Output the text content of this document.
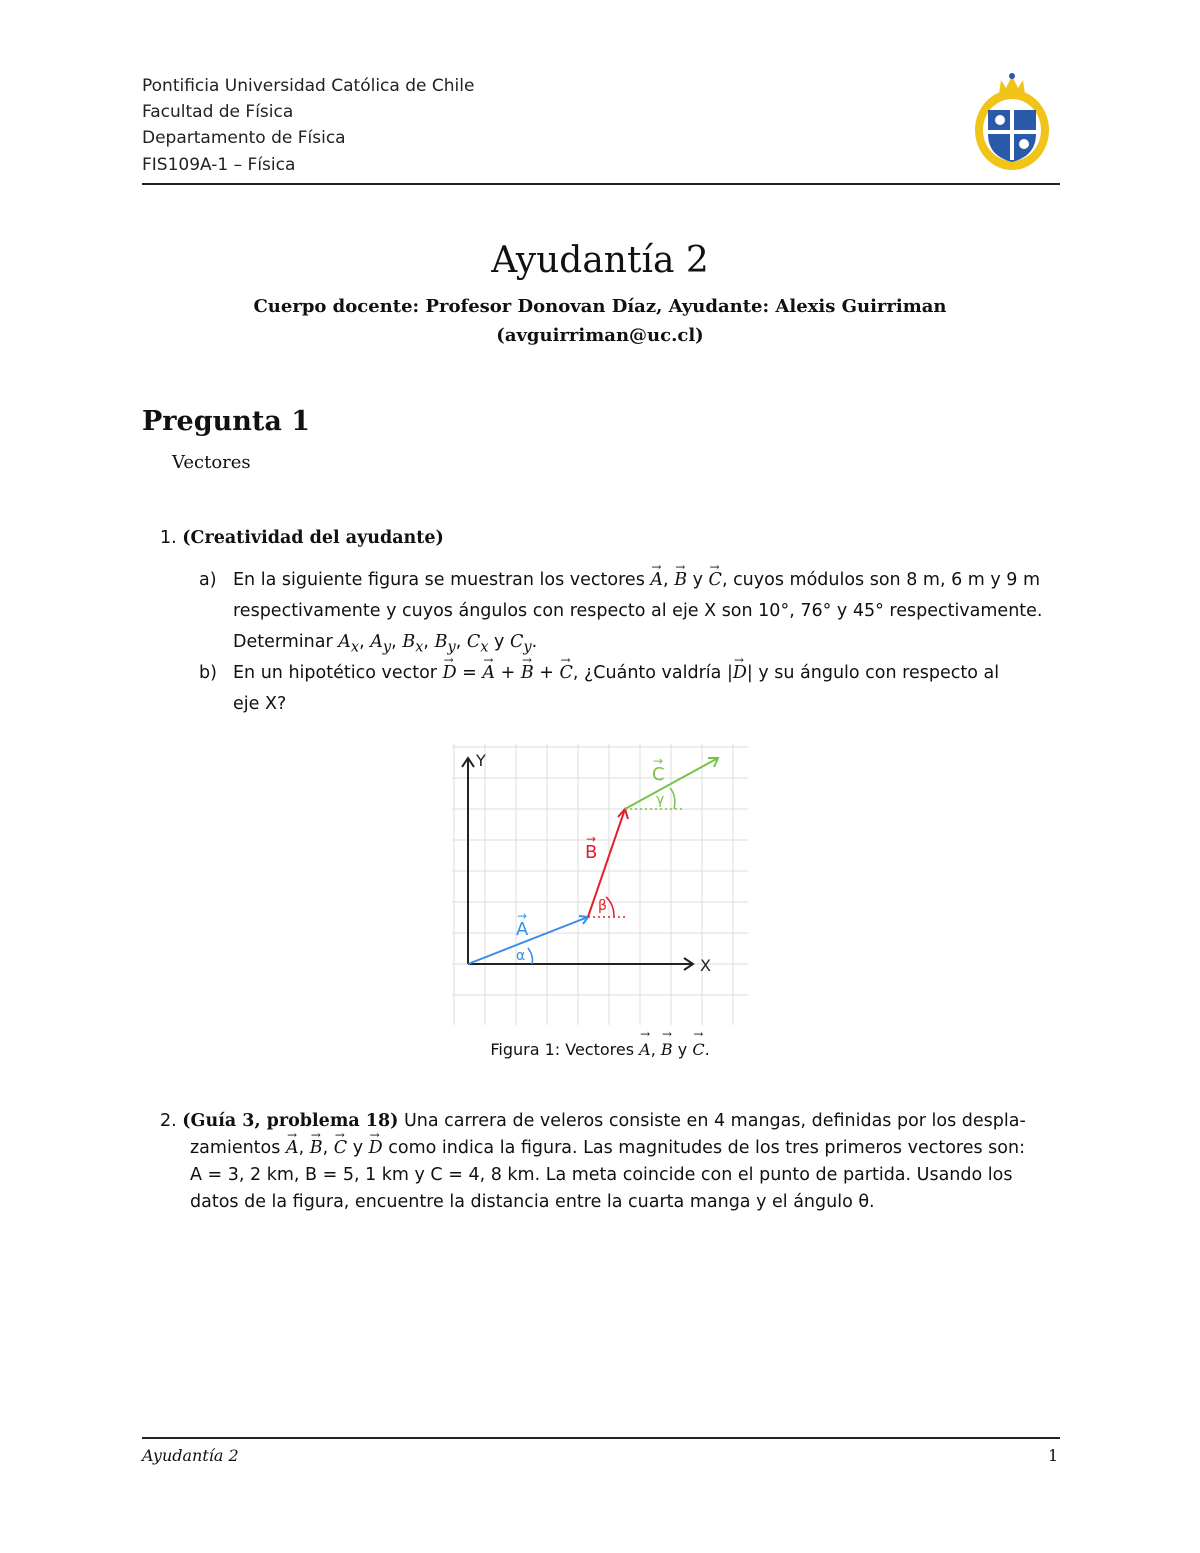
Pontificia Universidad Católica de Chile
Facultad de Física
Departamento de Física
FIS109A-1 – Física
Ayudantía 2
Cuerpo docente: Profesor Donovan Díaz, Ayudante: Alexis Guirriman
(avguirriman@uc.cl)
Pregunta 1
Vectores
1. (Creatividad del ayudante)
a) En la siguiente figura se muestran los vectores → A, → B y → C, cuyos módulos son 8 m, 6 m y 9 m
respectivamente y cuyos ángulos con respecto al eje X son 10°, 76° y 45° respectivamente.
Determinar $A_x$, $A_y$, $B_x$, $B_y$, $C_x$ y $C_y$.
b) En un hipotético vector → D = → A + → B + → C, ¿Cuánto valdría |→ D| y su ángulo con respecto al
eje X?
X
Y
α
A
→
β
B
→
γ
C
→
Figura 1: Vectores → A, → B y → C.
2. (Guía 3, problema 18) Una carrera de veleros consiste en 4 mangas, definidas por los despla-
zamientos → A, → B, → C y → D como indica la figura. Las magnitudes de los tres primeros vectores son:
A = 3, 2 km, B = 5, 1 km y C = 4, 8 km. La meta coincide con el punto de partida. Usando los
datos de la figura, encuentre la distancia entre la cuarta manga y el ángulo θ.
Ayudantía 2	1
